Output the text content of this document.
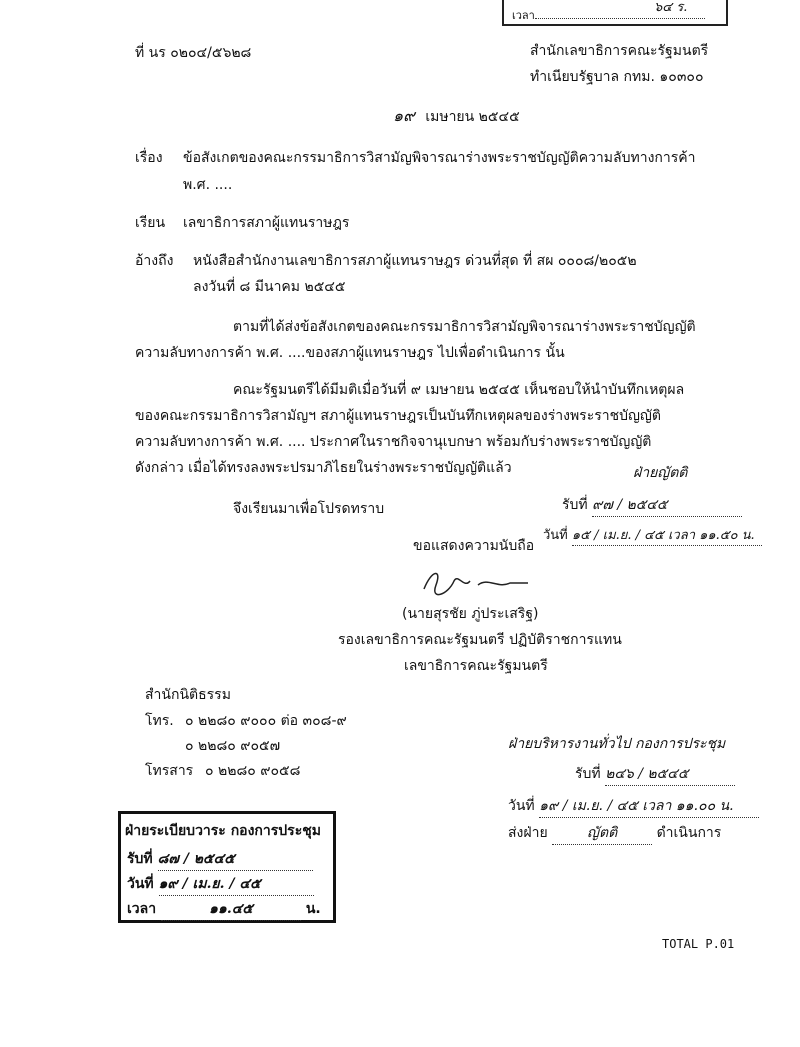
๖๔ ร.
เวลา
ที่ นร ๐๒๐๔/๕๖๒๘	สำนักเลขาธิการคณะรัฐมนตรี
ทำเนียบรัฐบาล กทม. ๑๐๓๐๐
๑๙ เมษายน ๒๕๔๕
เรื่อง ข้อสังเกตของคณะกรรมาธิการวิสามัญพิจารณาร่างพระราชบัญญัติความลับทางการค้า
พ.ศ. ....
เรียน เลขาธิการสภาผู้แทนราษฎร
อ้างถึง หนังสือสำนักงานเลขาธิการสภาผู้แทนราษฎร ด่วนที่สุด ที่ สผ ๐๐๐๘/๒๐๕๒
ลงวันที่ ๘ มีนาคม ๒๕๔๕
ตามที่ได้ส่งข้อสังเกตของคณะกรรมาธิการวิสามัญพิจารณาร่างพระราชบัญญัติ
ความลับทางการค้า พ.ศ. ....ของสภาผู้แทนราษฎร ไปเพื่อดำเนินการ นั้น
คณะรัฐมนตรีได้มีมติเมื่อวันที่ ๙ เมษายน ๒๕๔๕ เห็นชอบให้นำบันทึกเหตุผล
ของคณะกรรมาธิการวิสามัญฯ สภาผู้แทนราษฎรเป็นบันทึกเหตุผลของร่างพระราชบัญญัติ
ความลับทางการค้า พ.ศ. .... ประกาศในราชกิจจานุเบกษา พร้อมกับร่างพระราชบัญญัติ
ดังกล่าว เมื่อได้ทรงลงพระปรมาภิไธยในร่างพระราชบัญญัติแล้ว
จึงเรียนมาเพื่อโปรดทราบ
ฝ่ายญัตติ
รับที่ ๙๗ / ๒๕๔๕
วันที่ ๑๕ / เม.ย. / ๔๕ เวลา ๑๑.๕๐ น.
ขอแสดงความนับถือ
(นายสุรชัย ภู่ประเสริฐ)
รองเลขาธิการคณะรัฐมนตรี ปฏิบัติราชการแทน
เลขาธิการคณะรัฐมนตรี
สำนักนิติธรรม
โทร. ๐ ๒๒๘๐ ๙๐๐๐ ต่อ ๓๐๘-๙
๐ ๒๒๘๐ ๙๐๕๗
โทรสาร ๐ ๒๒๘๐ ๙๐๕๘
ฝ่ายบริหารงานทั่วไป กองการประชุม
รับที่ ๒๔๖ / ๒๕๔๕
วันที่ ๑๙ / เม.ย. / ๔๕ เวลา ๑๑.๐๐ น.
ส่งฝ่าย	ญัตติ	ดำเนินการ
ฝ่ายระเบียบวาระ กองการประชุม
รับที่ ๘๗ / ๒๕๔๕
วันที่ ๑๙ / เม.ย. / ๔๕
เวลา	๑๑.๔๕	น.
TOTAL P.01
